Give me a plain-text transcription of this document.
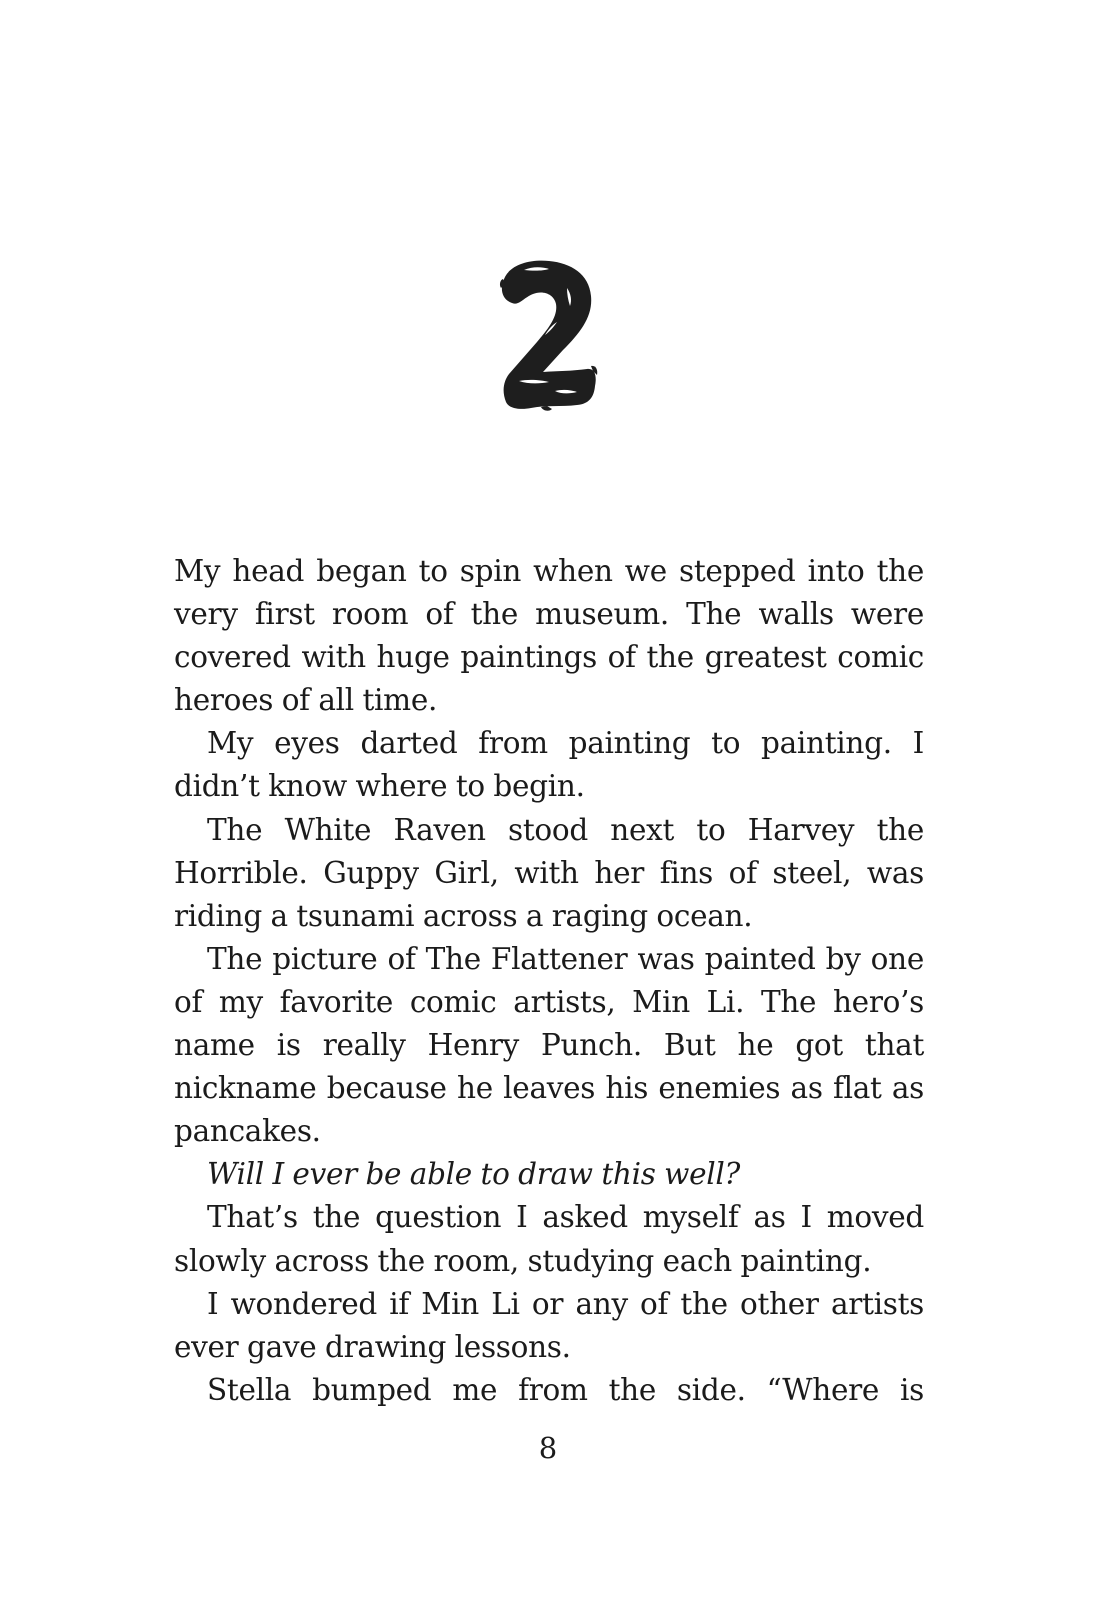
My head began to spin when we stepped into the very first room of the museum. The walls were covered with huge paintings of the greatest comic heroes of all time.

My eyes darted from painting to painting. I didn’t know where to begin.

The White Raven stood next to Harvey the Horrible. Guppy Girl, with her fins of steel, was riding a tsunami across a raging ocean.

The picture of The Flattener was painted by one of my favorite comic artists, Min Li. The hero’s name is really Henry Punch. But he got that nickname because he leaves his enemies as flat as pancakes.

Will I ever be able to draw this well?

That’s the question I asked myself as I moved slowly across the room, studying each painting.

I wondered if Min Li or any of the other artists ever gave drawing lessons.

Stella bumped me from the side. “Where is

8
